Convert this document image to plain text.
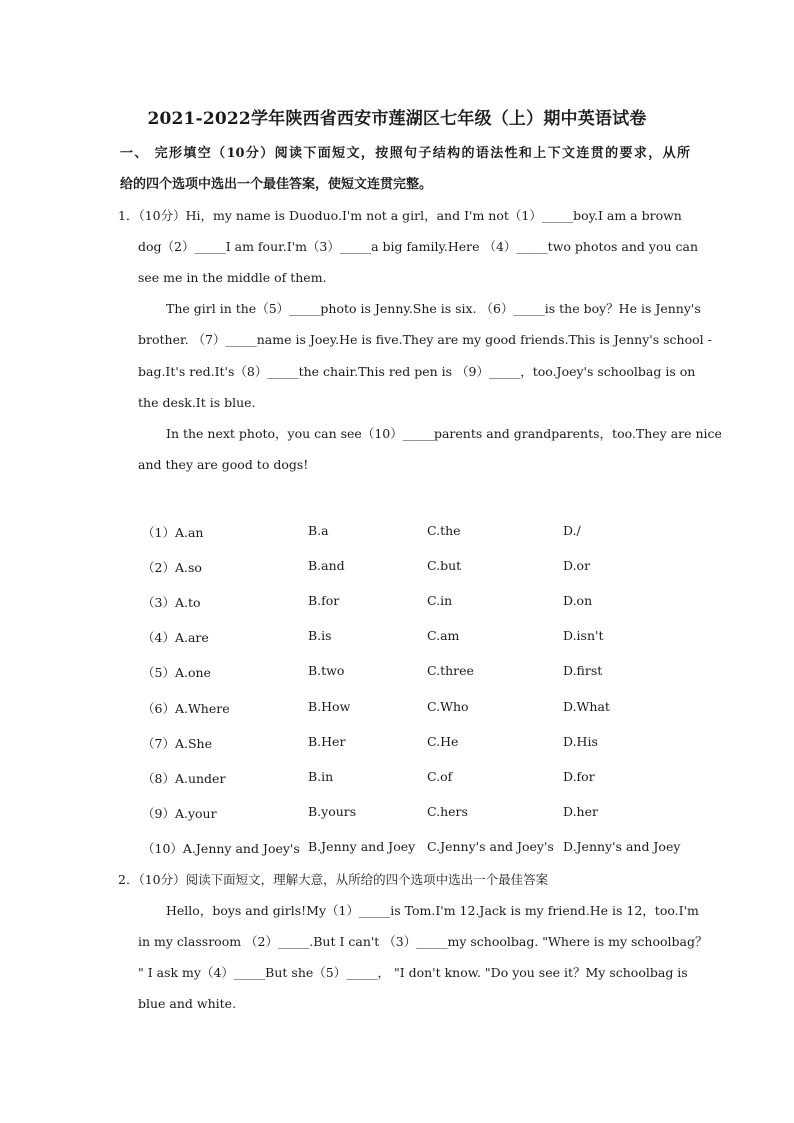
2021-2022学年陕西省西安市莲湖区七年级（上）期中英语试卷
一、 完形填空（10分）阅读下面短文，按照句子结构的语法性和上下文连贯的要求，从所
给的四个选项中选出一个最佳答案，使短文连贯完整。
1．（10分）Hi，my name is Duoduo.I'm not a girl，and I'm not（1）_____boy.I am a brown
dog（2）_____I am four.I'm（3）_____a big family.Here （4）_____two photos and you can
see me in the middle of them.
The girl in the（5）_____photo is Jenny.She is six. （6）_____is the boy？He is Jenny's
brother. （7）_____name is Joey.He is five.They are my good friends.This is Jenny's school -
bag.It's red.It's（8）_____the chair.This red pen is （9）_____，too.Joey's schoolbag is on
the desk.It is blue.
In the next photo，you can see（10）_____parents and grandparents，too.They are nice
and they are good to dogs!
（1）A.an	B.a	C.the	D./
（2）A.so	B.and	C.but	D.or
（3）A.to	B.for	C.in	D.on
（4）A.are	B.is	C.am	D.isn't
（5）A.one	B.two	C.three	D.first
（6）A.Where	B.How	C.Who	D.What
（7）A.She	B.Her	C.He	D.His
（8）A.under	B.in	C.of	D.for
（9）A.your	B.yours	C.hers	D.her
（10）A.Jenny and Joey's B.Jenny and Joey C.Jenny's and Joey's D.Jenny's and Joey
2．（10分）阅读下面短文，理解大意，从所给的四个选项中选出一个最佳答案
Hello，boys and girls!My（1）_____is Tom.I'm 12.Jack is my friend.He is 12，too.I'm
in my classroom （2）_____.But I can't （3）_____my schoolbag. "Where is my schoolbag？
" I ask my（4）_____But she（5）_____， "I don't know. "Do you see it？My schoolbag is
blue and white.
